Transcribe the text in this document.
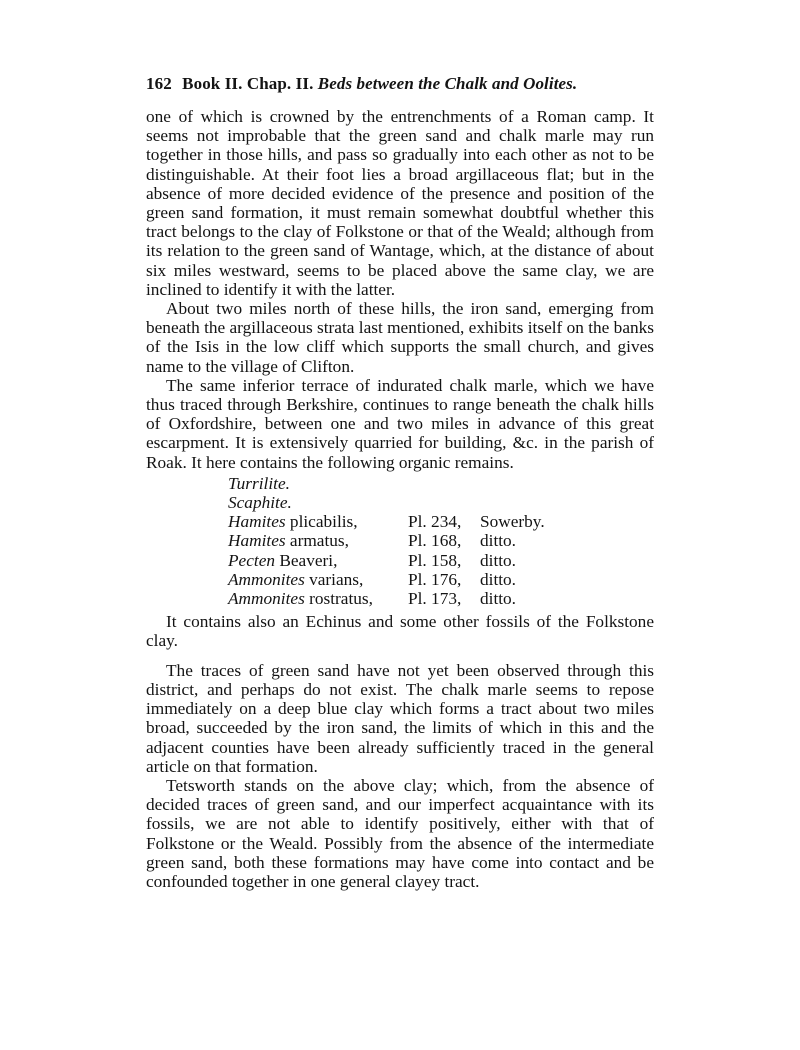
162 Book II. Chap. II. Beds between the Chalk and Oolites.

one of which is crowned by the entrenchments of a Roman camp. It seems not improbable that the green sand and chalk marle may run together in those hills, and pass so gradually into each other as not to be distinguishable. At their foot lies a broad argillaceous flat; but in the absence of more decided evidence of the presence and position of the green sand formation, it must remain somewhat doubtful whether this tract belongs to the clay of Folkstone or that of the Weald; although from its relation to the green sand of Wantage, which, at the distance of about six miles westward, seems to be placed above the same clay, we are inclined to identify it with the latter.

About two miles north of these hills, the iron sand, emerging from beneath the argillaceous strata last mentioned, exhibits itself on the banks of the Isis in the low cliff which supports the small church, and gives name to the village of Clifton.

The same inferior terrace of indurated chalk marle, which we have thus traced through Berkshire, continues to range beneath the chalk hills of Oxfordshire, between one and two miles in advance of this great escarpment. It is extensively quarried for building, &c. in the parish of Roak. It here contains the following organic remains.

Turrilite.		
Scaphite.		
Hamites plicabilis,	Pl. 234,	Sowerby.
Hamites armatus,	Pl. 168,	ditto.
Pecten Beaveri,	Pl. 158,	ditto.
Ammonites varians,	Pl. 176,	ditto.
Ammonites rostratus,	Pl. 173,	ditto.

It contains also an Echinus and some other fossils of the Folkstone clay.

The traces of green sand have not yet been observed through this district, and perhaps do not exist. The chalk marle seems to repose immediately on a deep blue clay which forms a tract about two miles broad, succeeded by the iron sand, the limits of which in this and the adjacent counties have been already sufficiently traced in the general article on that formation.

Tetsworth stands on the above clay; which, from the absence of decided traces of green sand, and our imperfect acquaintance with its fossils, we are not able to identify positively, either with that of Folkstone or the Weald. Possibly from the absence of the intermediate green sand, both these formations may have come into contact and be confounded together in one general clayey tract.
